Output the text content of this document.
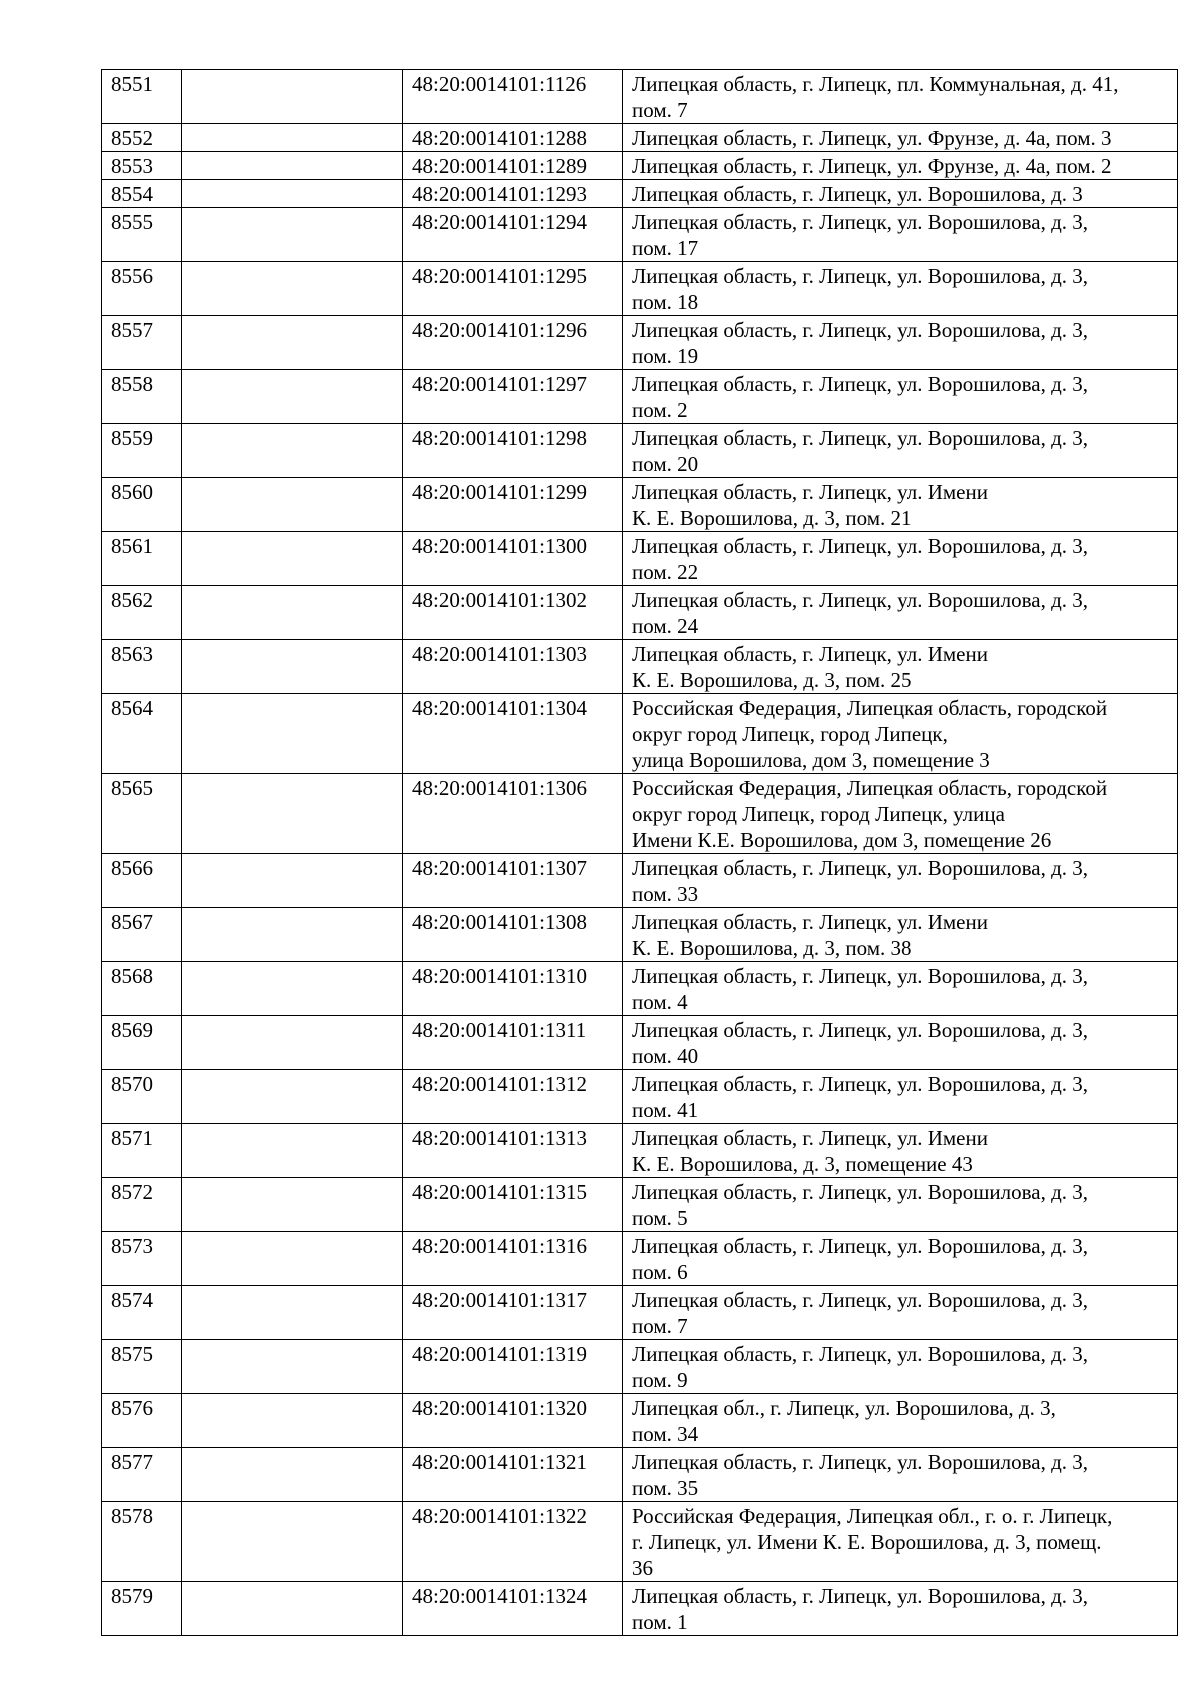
8551		48:20:0014101:1126	Липецкая область, г. Липецк, пл. Коммунальная, д. 41,
пом. 7
8552		48:20:0014101:1288	Липецкая область, г. Липецк, ул. Фрунзе, д. 4а, пом. 3
8553		48:20:0014101:1289	Липецкая область, г. Липецк, ул. Фрунзе, д. 4а, пом. 2
8554		48:20:0014101:1293	Липецкая область, г. Липецк, ул. Ворошилова, д. 3
8555		48:20:0014101:1294	Липецкая область, г. Липецк, ул. Ворошилова, д. 3,
пом. 17
8556		48:20:0014101:1295	Липецкая область, г. Липецк, ул. Ворошилова, д. 3,
пом. 18
8557		48:20:0014101:1296	Липецкая область, г. Липецк, ул. Ворошилова, д. 3,
пом. 19
8558		48:20:0014101:1297	Липецкая область, г. Липецк, ул. Ворошилова, д. 3,
пом. 2
8559		48:20:0014101:1298	Липецкая область, г. Липецк, ул. Ворошилова, д. 3,
пом. 20
8560		48:20:0014101:1299	Липецкая область, г. Липецк, ул. Имени
К. Е. Ворошилова, д. 3, пом. 21
8561		48:20:0014101:1300	Липецкая область, г. Липецк, ул. Ворошилова, д. 3,
пом. 22
8562		48:20:0014101:1302	Липецкая область, г. Липецк, ул. Ворошилова, д. 3,
пом. 24
8563		48:20:0014101:1303	Липецкая область, г. Липецк, ул. Имени
К. Е. Ворошилова, д. 3, пом. 25
8564		48:20:0014101:1304	Российская Федерация, Липецкая область, городской
округ город Липецк, город Липецк,
улица Ворошилова, дом 3, помещение 3
8565		48:20:0014101:1306	Российская Федерация, Липецкая область, городской
округ город Липецк, город Липецк, улица
Имени К.Е. Ворошилова, дом 3, помещение 26
8566		48:20:0014101:1307	Липецкая область, г. Липецк, ул. Ворошилова, д. 3,
пом. 33
8567		48:20:0014101:1308	Липецкая область, г. Липецк, ул. Имени
К. Е. Ворошилова, д. 3, пом. 38
8568		48:20:0014101:1310	Липецкая область, г. Липецк, ул. Ворошилова, д. 3,
пом. 4
8569		48:20:0014101:1311	Липецкая область, г. Липецк, ул. Ворошилова, д. 3,
пом. 40
8570		48:20:0014101:1312	Липецкая область, г. Липецк, ул. Ворошилова, д. 3,
пом. 41
8571		48:20:0014101:1313	Липецкая область, г. Липецк, ул. Имени
К. Е. Ворошилова, д. 3, помещение 43
8572		48:20:0014101:1315	Липецкая область, г. Липецк, ул. Ворошилова, д. 3,
пом. 5
8573		48:20:0014101:1316	Липецкая область, г. Липецк, ул. Ворошилова, д. 3,
пом. 6
8574		48:20:0014101:1317	Липецкая область, г. Липецк, ул. Ворошилова, д. 3,
пом. 7
8575		48:20:0014101:1319	Липецкая область, г. Липецк, ул. Ворошилова, д. 3,
пом. 9
8576		48:20:0014101:1320	Липецкая обл., г. Липецк, ул. Ворошилова, д. 3,
пом. 34
8577		48:20:0014101:1321	Липецкая область, г. Липецк, ул. Ворошилова, д. 3,
пом. 35
8578		48:20:0014101:1322	Российская Федерация, Липецкая обл., г. о. г. Липецк,
г. Липецк, ул. Имени К. Е. Ворошилова, д. 3, помещ.
36
8579		48:20:0014101:1324	Липецкая область, г. Липецк, ул. Ворошилова, д. 3,
пом. 1
